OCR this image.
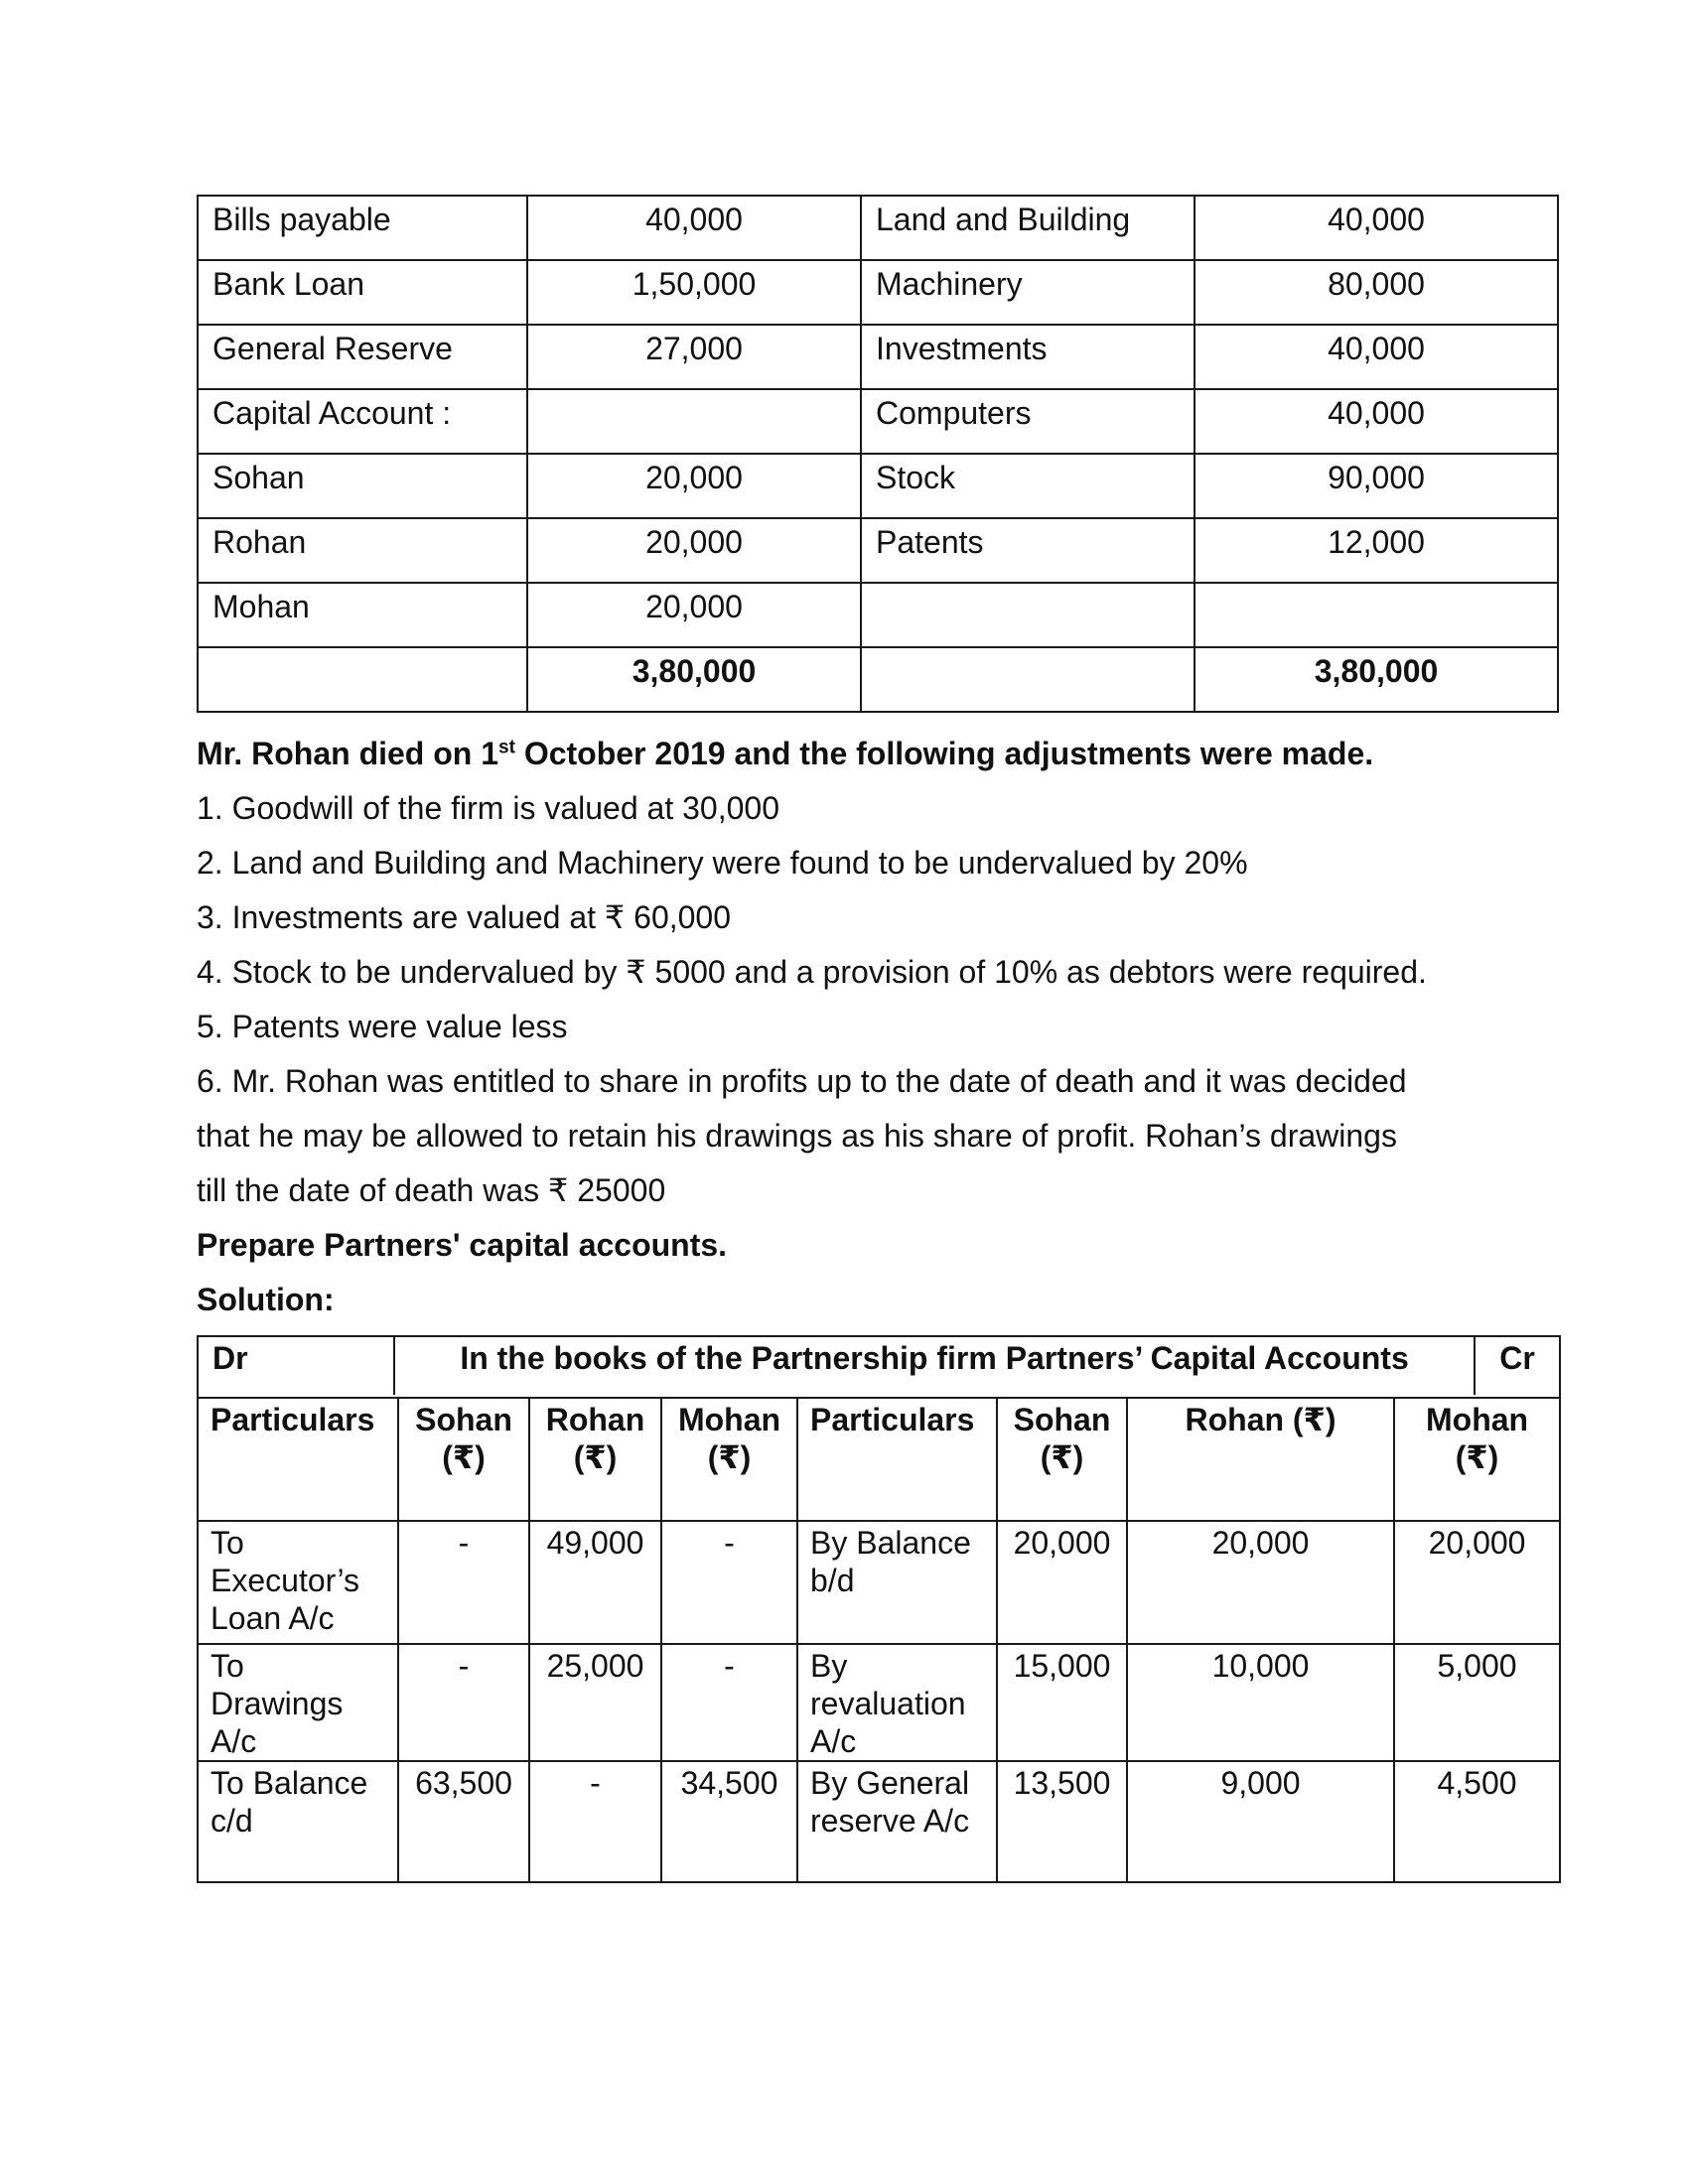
Bills payable	40,000	Land and Building	40,000
Bank Loan	1,50,000	Machinery	80,000
General Reserve	27,000	Investments	40,000
Capital Account :		Computers	40,000
Sohan	20,000	Stock	90,000
Rohan	20,000	Patents	12,000
Mohan	20,000		
	3,80,000		3,80,000
Mr. Rohan died on 1st October 2019 and the following adjustments were made.
1. Goodwill of the firm is valued at 30,000
2. Land and Building and Machinery were found to be undervalued by 20%
3. Investments are valued at ₹ 60,000
4. Stock to be undervalued by ₹ 5000 and a provision of 10% as debtors were required.
5. Patents were value less
6. Mr. Rohan was entitled to share in profits up to the date of death and it was decided
that he may be allowed to retain his drawings as his share of profit. Rohan’s drawings
till the date of death was ₹ 25000
Prepare Partners' capital accounts.
Solution:
Dr In the books of the Partnership firm Partners’ Capital Accounts Cr							

Particulars	Sohan (₹)	Rohan (₹)	Mohan (₹)	Particulars	Sohan (₹)	Rohan (₹)	Mohan (₹)
To Executor’s Loan A/c	-	49,000	-	By Balance b/d	20,000	20,000	20,000
To Drawings A/c	-	25,000	-	By revaluation A/c	15,000	10,000	5,000
To Balance c/d	63,500	-	34,500	By General reserve A/c	13,500	9,000	4,500
